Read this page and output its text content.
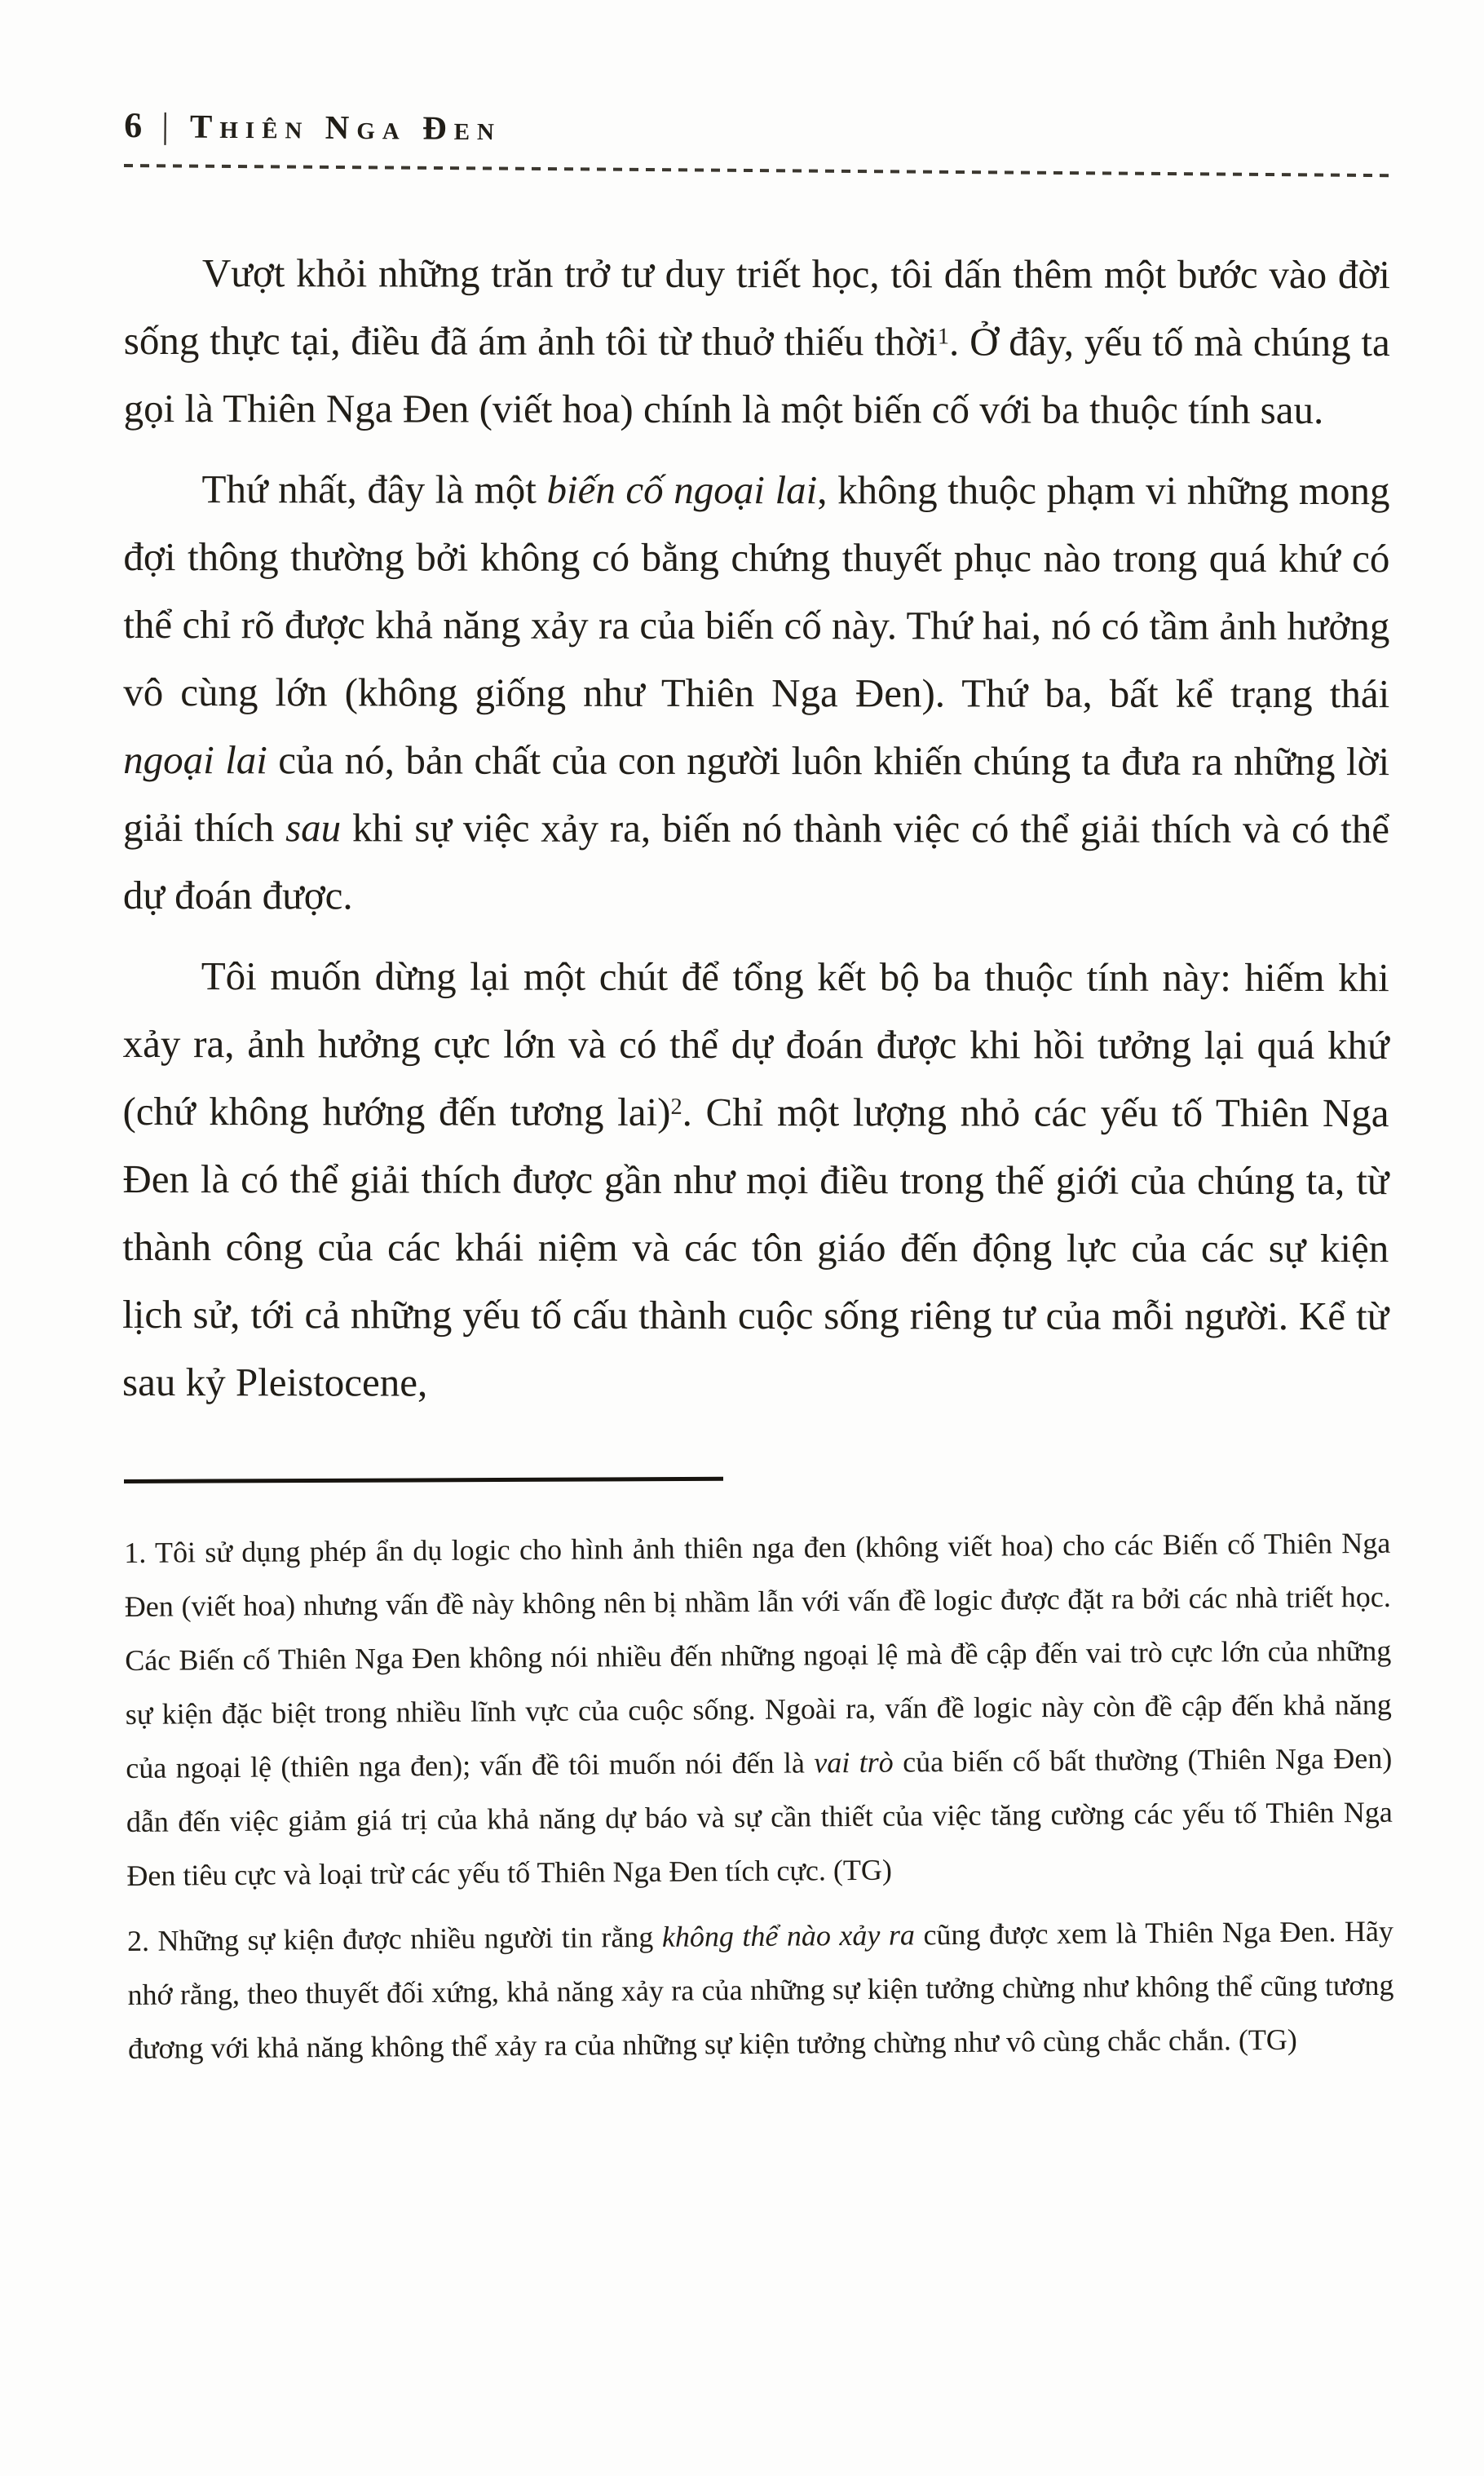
6 | Thiên Nga Đen

Vượt khỏi những trăn trở tư duy triết học, tôi dấn thêm một bước vào đời sống thực tại, điều đã ám ảnh tôi từ thuở thiếu thời$^1$. Ở đây, yếu tố mà chúng ta gọi là Thiên Nga Đen (viết hoa) chính là một biến cố với ba thuộc tính sau.

Thứ nhất, đây là một biến cố ngoại lai, không thuộc phạm vi những mong đợi thông thường bởi không có bằng chứng thuyết phục nào trong quá khứ có thể chỉ rõ được khả năng xảy ra của biến cố này. Thứ hai, nó có tầm ảnh hưởng vô cùng lớn (không giống như Thiên Nga Đen). Thứ ba, bất kể trạng thái ngoại lai của nó, bản chất của con người luôn khiến chúng ta đưa ra những lời giải thích sau khi sự việc xảy ra, biến nó thành việc có thể giải thích và có thể dự đoán được.

Tôi muốn dừng lại một chút để tổng kết bộ ba thuộc tính này: hiếm khi xảy ra, ảnh hưởng cực lớn và có thể dự đoán được khi hồi tưởng lại quá khứ (chứ không hướng đến tương lai)$^2$. Chỉ một lượng nhỏ các yếu tố Thiên Nga Đen là có thể giải thích được gần như mọi điều trong thế giới của chúng ta, từ thành công của các khái niệm và các tôn giáo đến động lực của các sự kiện lịch sử, tới cả những yếu tố cấu thành cuộc sống riêng tư của mỗi người. Kể từ sau kỷ Pleistocene,

1. Tôi sử dụng phép ẩn dụ logic cho hình ảnh thiên nga đen (không viết hoa) cho các Biến cố Thiên Nga Đen (viết hoa) nhưng vấn đề này không nên bị nhầm lẫn với vấn đề logic được đặt ra bởi các nhà triết học. Các Biến cố Thiên Nga Đen không nói nhiều đến những ngoại lệ mà đề cập đến vai trò cực lớn của những sự kiện đặc biệt trong nhiều lĩnh vực của cuộc sống. Ngoài ra, vấn đề logic này còn đề cập đến khả năng của ngoại lệ (thiên nga đen); vấn đề tôi muốn nói đến là vai trò của biến cố bất thường (Thiên Nga Đen) dẫn đến việc giảm giá trị của khả năng dự báo và sự cần thiết của việc tăng cường các yếu tố Thiên Nga Đen tiêu cực và loại trừ các yếu tố Thiên Nga Đen tích cực. (TG)

2. Những sự kiện được nhiều người tin rằng không thể nào xảy ra cũng được xem là Thiên Nga Đen. Hãy nhớ rằng, theo thuyết đối xứng, khả năng xảy ra của những sự kiện tưởng chừng như không thể cũng tương đương với khả năng không thể xảy ra của những sự kiện tưởng chừng như vô cùng chắc chắn. (TG)
